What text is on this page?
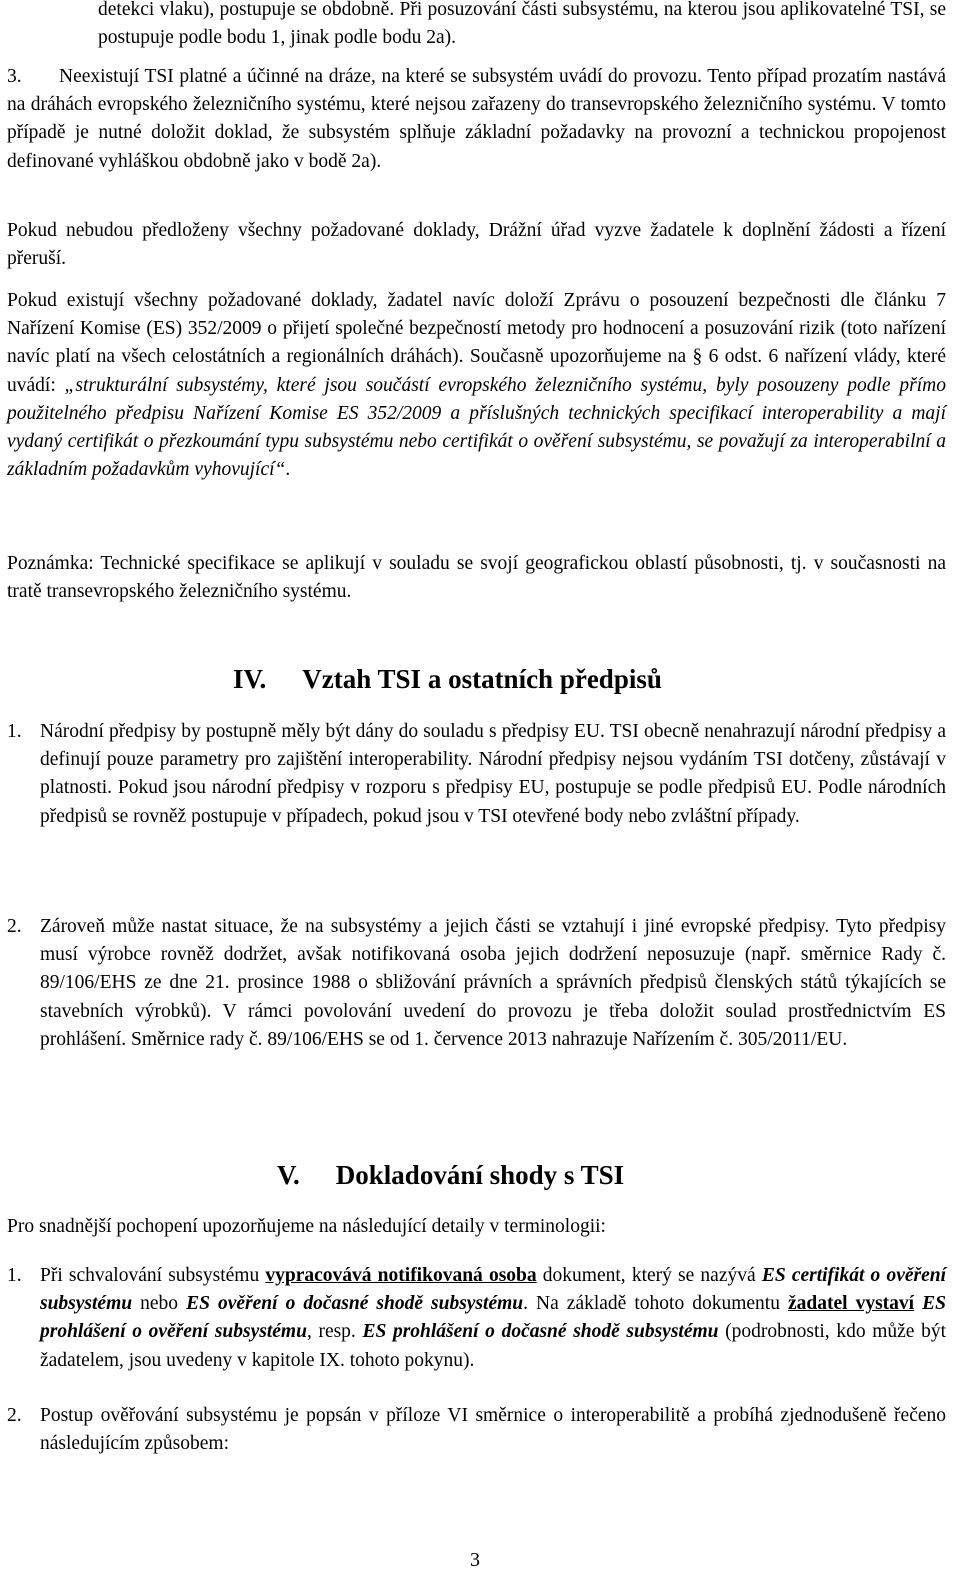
detekci vlaku), postupuje se obdobně. Při posuzování části subsystému, na kterou jsou aplikovatelné TSI, se postupuje podle bodu 1, jinak podle bodu 2a).

3.	Neexistují TSI platné a účinné na dráze, na které se subsystém uvádí do provozu. Tento případ prozatím nastává na dráhách evropského železničního systému, které nejsou zařazeny do transevropského železničního systému. V tomto případě je nutné doložit doklad, že subsystém splňuje základní požadavky na provozní a technickou propojenost definované vyhláškou obdobně jako v bodě 2a).

Pokud nebudou předloženy všechny požadované doklady, Drážní úřad vyzve žadatele k doplnění žádosti a řízení přeruší.

Pokud existují všechny požadované doklady, žadatel navíc doloží Zprávu o posouzení bezpečnosti dle článku 7 Nařízení Komise (ES) 352/2009 o přijetí společné bezpečností metody pro hodnocení a posuzování rizik (toto nařízení navíc platí na všech celostátních a regionálních dráhách). Současně upozorňujeme na § 6 odst. 6 nařízení vlády, které uvádí: „strukturální subsystémy, které jsou součástí evropského železničního systému, byly posouzeny podle přímo použitelného předpisu Nařízení Komise ES 352/2009 a příslušných technických specifikací interoperability a mají vydaný certifikát o přezkoumání typu subsystému nebo certifikát o ověření subsystému, se považují za interoperabilní a základním požadavkům vyhovující“.

Poznámka: Technické specifikace se aplikují v souladu se svojí geografickou oblastí působnosti, tj. v současnosti na tratě transevropského železničního systému.

IV. Vztah TSI a ostatních předpisů
1. Národní předpisy by postupně měly být dány do souladu s předpisy EU. TSI obecně nenahrazují národní předpisy a definují pouze parametry pro zajištění interoperability. Národní předpisy nejsou vydáním TSI dotčeny, zůstávají v platnosti. Pokud jsou národní předpisy v rozporu s předpisy EU, postupuje se podle předpisů EU. Podle národních předpisů se rovněž postupuje v případech, pokud jsou v TSI otevřené body nebo zvláštní případy.

2. Zároveň může nastat situace, že na subsystémy a jejich části se vztahují i jiné evropské předpisy. Tyto předpisy musí výrobce rovněž dodržet, avšak notifikovaná osoba jejich dodržení neposuzuje (např. směrnice Rady č. 89/106/EHS ze dne 21. prosince 1988 o sbližování právních a správních předpisů členských států týkajících se stavebních výrobků). V rámci povolování uvedení do provozu je třeba doložit soulad prostřednictvím ES prohlášení. Směrnice rady č. 89/106/EHS se od 1. července 2013 nahrazuje Nařízením č. 305/2011/EU.

V. Dokladování shody s TSI

Pro snadnější pochopení upozorňujeme na následující detaily v terminologii:

1. Při schvalování subsystému vypracovává notifikovaná osoba dokument, který se nazývá ES certifikát o ověření subsystému nebo ES ověření o dočasné shodě subsystému. Na základě tohoto dokumentu žadatel vystaví ES prohlášení o ověření subsystému, resp. ES prohlášení o dočasné shodě subsystému (podrobnosti, kdo může být žadatelem, jsou uvedeny v kapitole IX. tohoto pokynu).

2. Postup ověřování subsystému je popsán v příloze VI směrnice o interoperabilitě a probíhá zjednodušeně řečeno následujícím způsobem:

3
